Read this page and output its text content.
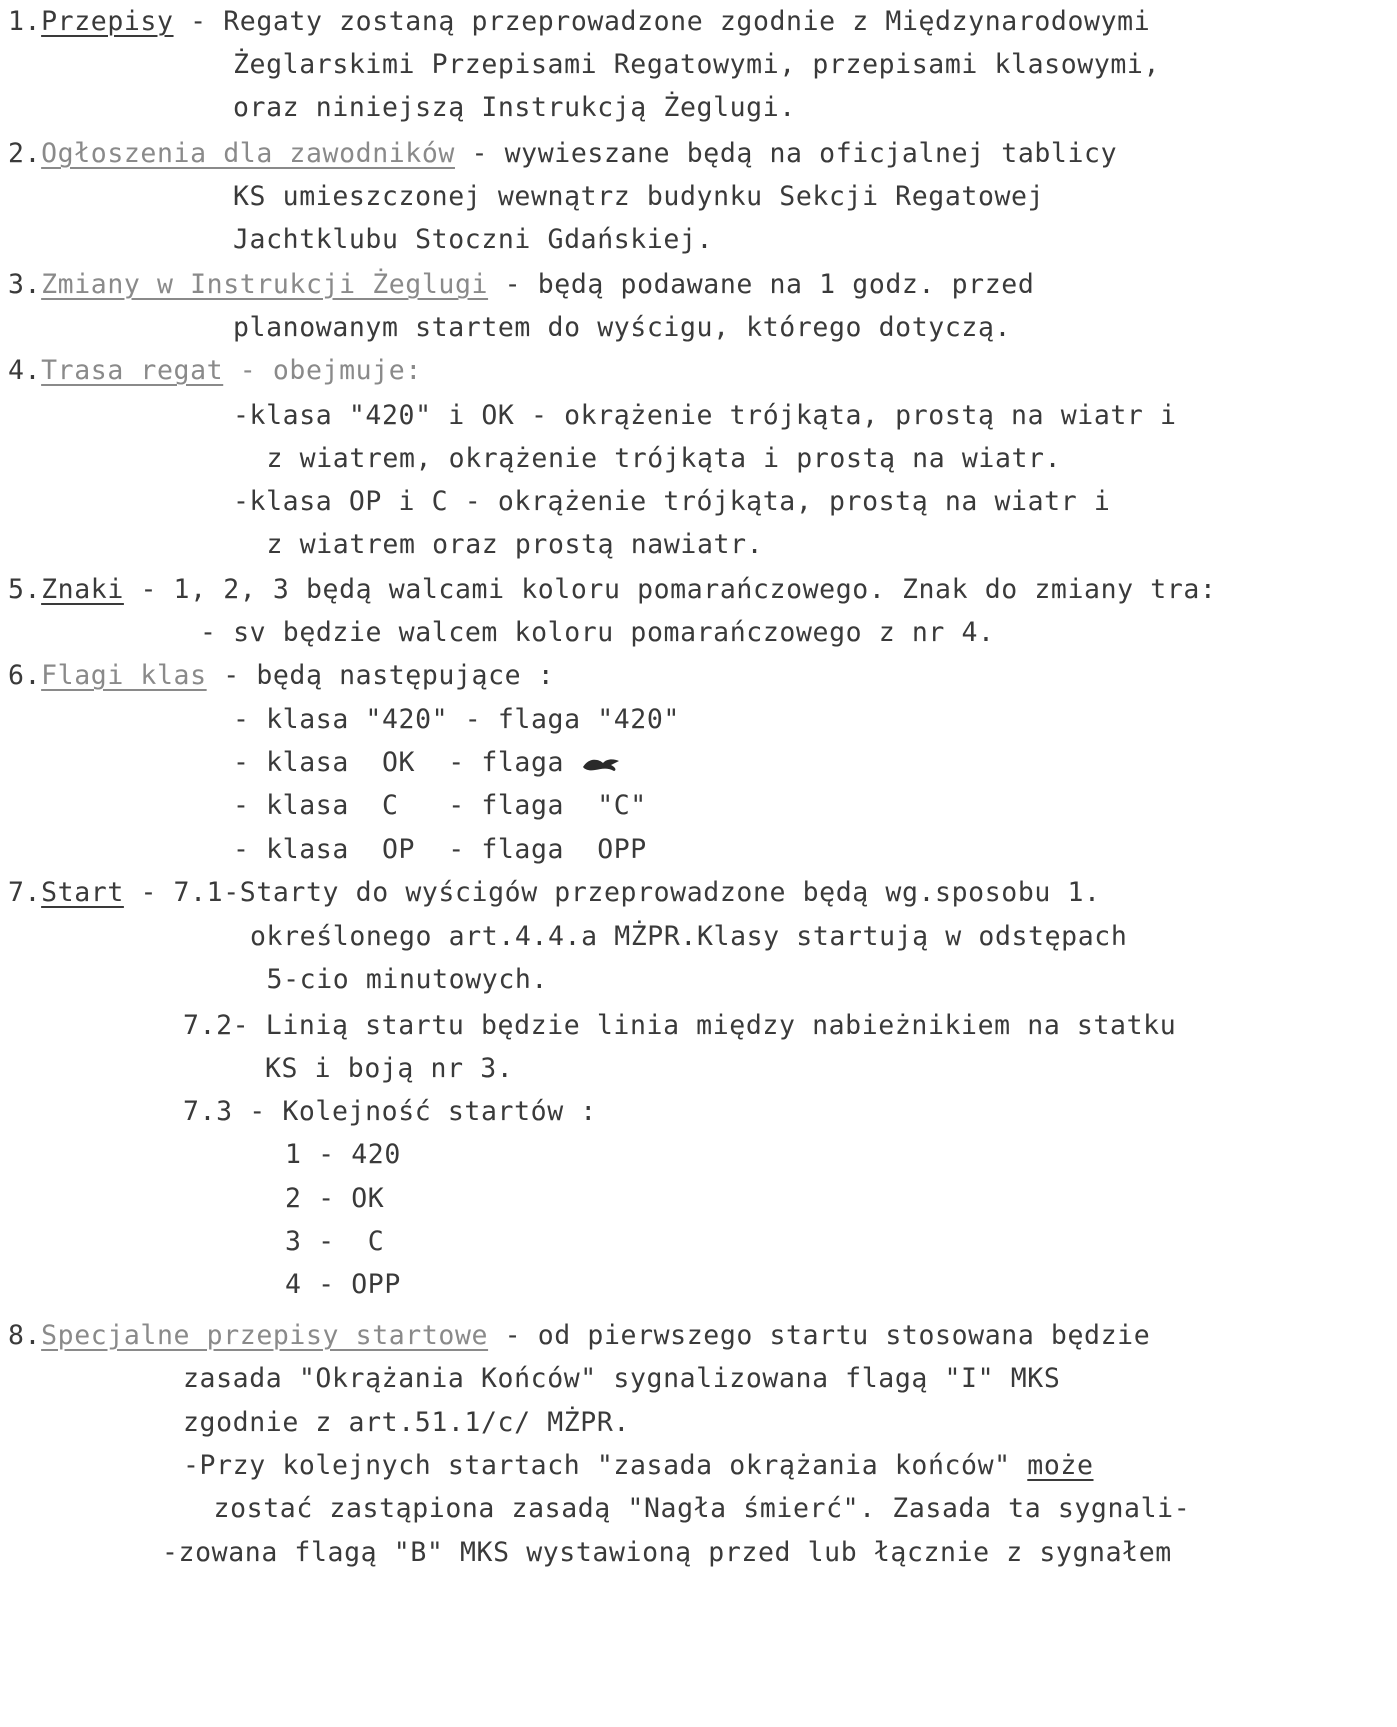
1.Przepisy - Regaty zostaną przeprowadzone zgodnie z Międzynarodowymi
Żeglarskimi Przepisami Regatowymi, przepisami klasowymi,
oraz niniejszą Instrukcją Żeglugi.
2.Ogłoszenia dla zawodników - wywieszane będą na oficjalnej tablicy
KS umieszczonej wewnątrz budynku Sekcji Regatowej
Jachtklubu Stoczni Gdańskiej.
3.Zmiany w Instrukcji Żeglugi - będą podawane na 1 godz. przed
planowanym startem do wyścigu, którego dotyczą.
4.Trasa regat - obejmuje:
-klasa "420" i OK - okrążenie trójkąta, prostą na wiatr i
z wiatrem, okrążenie trójkąta i prostą na wiatr.
-klasa OP i C - okrążenie trójkąta, prostą na wiatr i
z wiatrem oraz prostą nawiatr.
5.Znaki - 1, 2, 3 będą walcami koloru pomarańczowego. Znak do zmiany tra:
- sv będzie walcem koloru pomarańczowego z nr 4.
6.Flagi klas - będą następujące :
- klasa "420" - flaga "420"
- klasa  OK  - flaga
- klasa  C   - flaga  "C"
- klasa  OP  - flaga  OPP
7.Start - 7.1-Starty do wyścigów przeprowadzone będą wg.sposobu 1.
określonego art.4.4.a MŻPR.Klasy startują w odstępach
5-cio minutowych.
7.2- Linią startu będzie linia między nabieżnikiem na statku
KS i boją nr 3.
7.3 - Kolejność startów :
1 - 420
2 - OK
3 -  C
4 - OPP
8.Specjalne przepisy startowe - od pierwszego startu stosowana będzie
zasada "Okrążania Końców" sygnalizowana flagą "I" MKS
zgodnie z art.51.1/c/ MŻPR.
-Przy kolejnych startach "zasada okrążania końców" może
zostać zastąpiona zasadą "Nagła śmierć". Zasada ta sygnali-
-zowana flagą "B" MKS wystawioną przed lub łącznie z sygnałem
